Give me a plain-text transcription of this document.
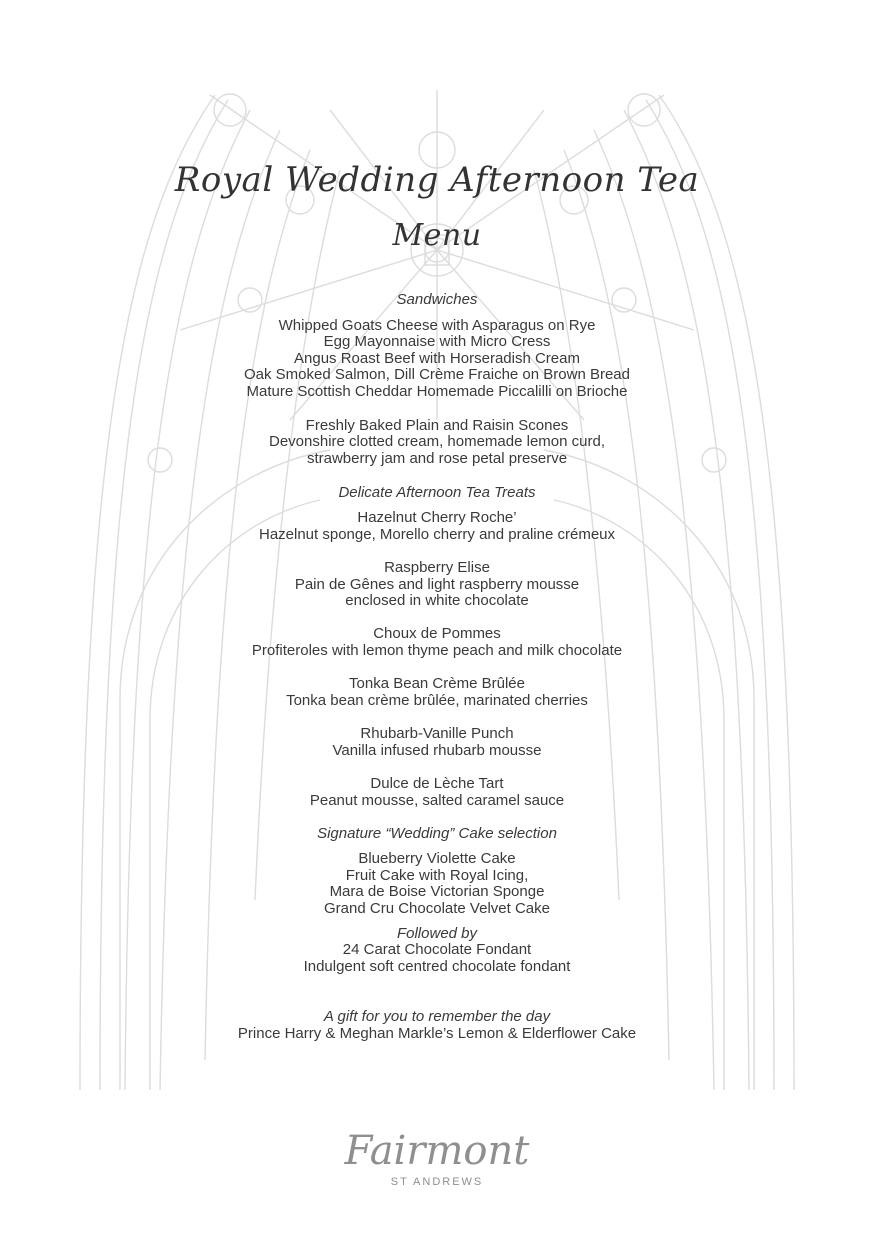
Royal Wedding Afternoon Tea
Menu
Sandwiches
Whipped Goats Cheese with Asparagus on Rye
Egg Mayonnaise with Micro Cress
Angus Roast Beef with Horseradish Cream
Oak Smoked Salmon, Dill Crème Fraiche on Brown Bread
Mature Scottish Cheddar Homemade Piccalilli on Brioche
Freshly Baked Plain and Raisin Scones
Devonshire clotted cream, homemade lemon curd,
strawberry jam and rose petal preserve
Delicate Afternoon Tea Treats
Hazelnut Cherry Roche’
Hazelnut sponge, Morello cherry and praline crémeux
Raspberry Elise
Pain de Gênes and light raspberry mousse
enclosed in white chocolate
Choux de Pommes
Profiteroles with lemon thyme peach and milk chocolate
Tonka Bean Crème Brûlée
Tonka bean crème brûlée, marinated cherries
Rhubarb-Vanille Punch
Vanilla infused rhubarb mousse
Dulce de Lèche Tart
Peanut mousse, salted caramel sauce
Signature “Wedding” Cake selection
Blueberry Violette Cake
Fruit Cake with Royal Icing,
Mara de Boise Victorian Sponge
Grand Cru Chocolate Velvet Cake
Followed by
24 Carat Chocolate Fondant
Indulgent soft centred chocolate fondant
A gift for you to remember the day
Prince Harry & Meghan Markle’s Lemon & Elderflower Cake
Fairmont
ST ANDREWS
